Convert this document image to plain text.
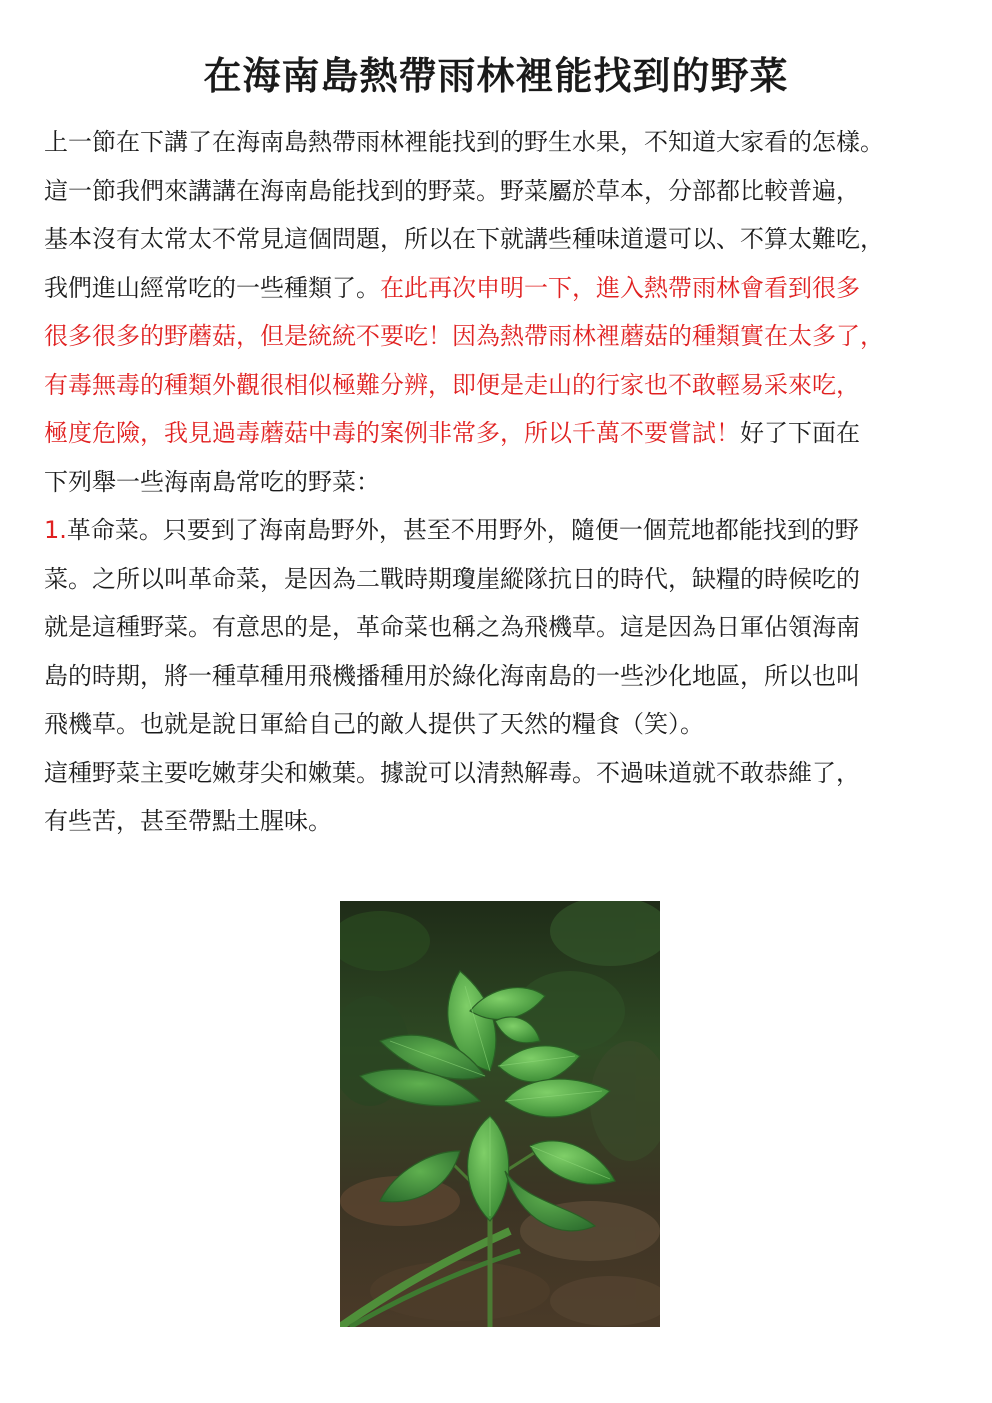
在海南島熱帶雨林裡能找到的野菜
上一節在下講了在海南島熱帶雨林裡能找到的野生水果，不知道大家看的怎樣。
這一節我們來講講在海南島能找到的野菜。野菜屬於草本，分部都比較普遍，
基本沒有太常太不常見這個問題，所以在下就講些種味道還可以、不算太難吃，
我們進山經常吃的一些種類了。在此再次申明一下，進入熱帶雨林會看到很多
很多很多的野蘑菇，但是統統不要吃！因為熱帶雨林裡蘑菇的種類實在太多了，
有毒無毒的種類外觀很相似極難分辨，即便是走山的行家也不敢輕易采來吃，
極度危險，我見過毒蘑菇中毒的案例非常多，所以千萬不要嘗試！好了下面在
下列舉一些海南島常吃的野菜：
1.革命菜。只要到了海南島野外，甚至不用野外，隨便一個荒地都能找到的野
菜。之所以叫革命菜，是因為二戰時期瓊崖縱隊抗日的時代，缺糧的時候吃的
就是這種野菜。有意思的是，革命菜也稱之為飛機草。這是因為日軍佔領海南
島的時期，將一種草種用飛機播種用於綠化海南島的一些沙化地區，所以也叫
飛機草。也就是說日軍給自己的敵人提供了天然的糧食（笑）。
這種野菜主要吃嫩芽尖和嫩葉。據說可以清熱解毒。不過味道就不敢恭維了，
有些苦，甚至帶點土腥味。
